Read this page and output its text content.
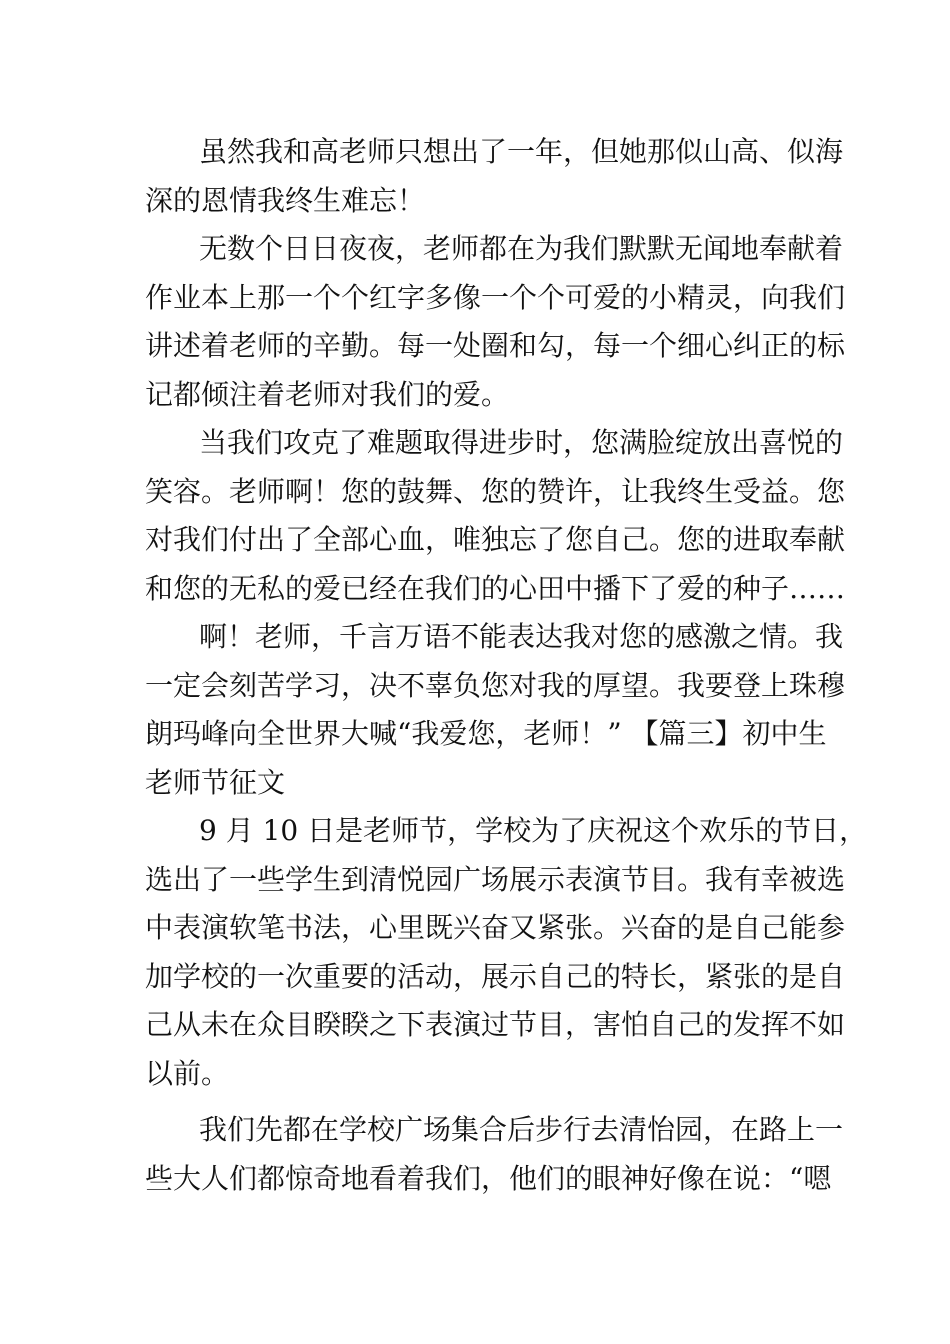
虽然我和高老师只想出了一年，但她那似山高、似海
深的恩情我终生难忘！
无数个日日夜夜，老师都在为我们默默无闻地奉献着
作业本上那一个个红字多像一个个可爱的小精灵，向我们
讲述着老师的辛勤。每一处圈和勾，每一个细心纠正的标
记都倾注着老师对我们的爱。
当我们攻克了难题取得进步时，您满脸绽放出喜悦的
笑容。老师啊！您的鼓舞、您的赞许，让我终生受益。您
对我们付出了全部心血，唯独忘了您自己。您的进取奉献
和您的无私的爱已经在我们的心田中播下了爱的种子……
啊！老师，千言万语不能表达我对您的感激之情。我
一定会刻苦学习，决不辜负您对我的厚望。我要登上珠穆
朗玛峰向全世界大喊“我爱您，老师！” 【篇三】初中生
老师节征文
9 月 10 日是老师节，学校为了庆祝这个欢乐的节日，
选出了一些学生到清悦园广场展示表演节目。我有幸被选
中表演软笔书法，心里既兴奋又紧张。兴奋的是自己能参
加学校的一次重要的活动，展示自己的特长，紧张的是自
己从未在众目睽睽之下表演过节目，害怕自己的发挥不如
以前。
我们先都在学校广场集合后步行去清怡园，在路上一
些大人们都惊奇地看着我们，他们的眼神好像在说：“嗯
